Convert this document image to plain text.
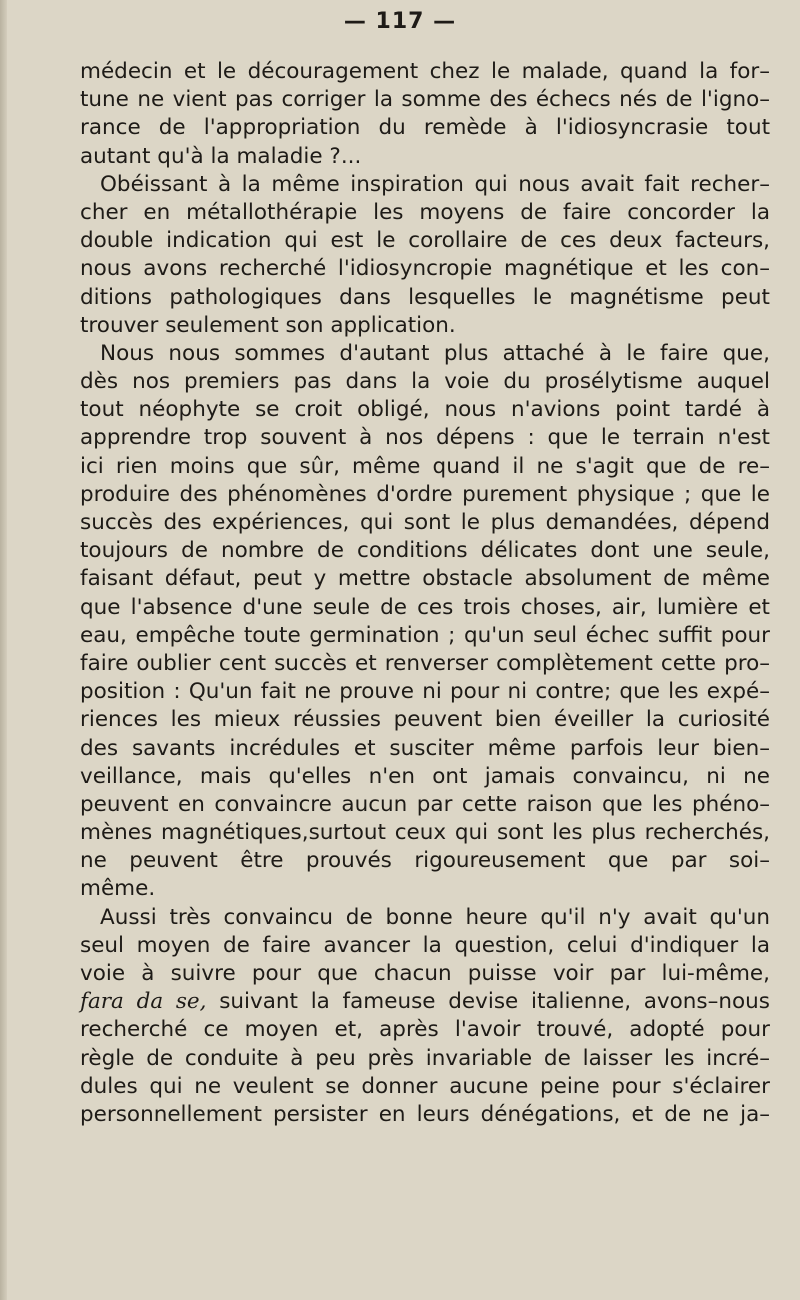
— 117 —
médecin et le découragement chez le malade, quand la for–
tune ne vient pas corriger la somme des échecs nés de l'igno–
rance de l'appropriation du remède à l'idiosyncrasie tout
autant qu'à la maladie ?...
Obéissant à la même inspiration qui nous avait fait recher–
cher en métallothérapie les moyens de faire concorder la
double indication qui est le corollaire de ces deux facteurs,
nous avons recherché l'idiosyncropie magnétique et les con–
ditions pathologiques dans lesquelles le magnétisme peut
trouver seulement son application.
Nous nous sommes d'autant plus attaché à le faire que,
dès nos premiers pas dans la voie du prosélytisme auquel
tout néophyte se croit obligé, nous n'avions point tardé à
apprendre trop souvent à nos dépens : que le terrain n'est
ici rien moins que sûr, même quand il ne s'agit que de re–
produire des phénomènes d'ordre purement physique ; que le
succès des expériences, qui sont le plus demandées, dépend
toujours de nombre de conditions délicates dont une seule,
faisant défaut, peut y mettre obstacle absolument de même
que l'absence d'une seule de ces trois choses, air, lumière et
eau, empêche toute germination ; qu'un seul échec suffit pour
faire oublier cent succès et renverser complètement cette pro–
position : Qu'un fait ne prouve ni pour ni contre; que les expé–
riences les mieux réussies peuvent bien éveiller la curiosité
des savants incrédules et susciter même parfois leur bien–
veillance, mais qu'elles n'en ont jamais convaincu, ni ne
peuvent en convaincre aucun par cette raison que les phéno–
mènes magnétiques,surtout ceux qui sont les plus recherchés,
ne peuvent être prouvés rigoureusement que par soi–
même.
Aussi très convaincu de bonne heure qu'il n'y avait qu'un
seul moyen de faire avancer la question, celui d'indiquer la
voie à suivre pour que chacun puisse voir par lui-même,
fara da se, suivant la fameuse devise italienne, avons–nous
recherché ce moyen et, après l'avoir trouvé, adopté pour
règle de conduite à peu près invariable de laisser les incré–
dules qui ne veulent se donner aucune peine pour s'éclairer
personnellement persister en leurs dénégations, et de ne ja–
